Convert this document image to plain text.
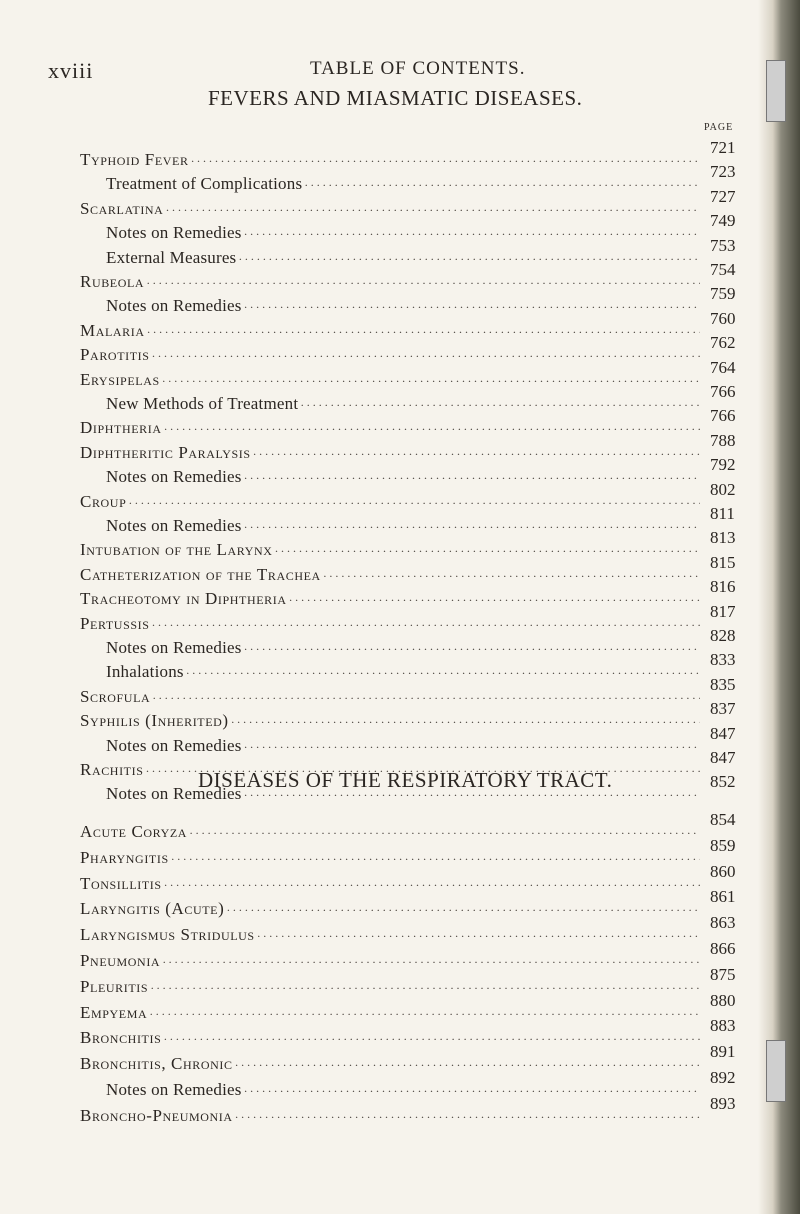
xviii	TABLE OF CONTENTS.
PAGE
FEVERS AND MIASMATIC DISEASES.
Typhoid Fever
·····
721
Treatment of Complications
·····
723
Scarlatina
·····
727
Notes on Remedies
·····
749
External Measures
·····
753
Rubeola
·····
754
Notes on Remedies
·····
759
Malaria
·····
760
Parotitis
·····
762
Erysipelas
·····
764
New Methods of Treatment
·····
766
Diphtheria
·····
766
Diphtheritic Paralysis
·····
788
Notes on Remedies
·····
792
Croup
·····
802
Notes on Remedies
·····
811
Intubation of the Larynx
·····
813
Catheterization of the Trachea
·····
815
Tracheotomy in Diphtheria
·····
816
Pertussis
·····
817
Notes on Remedies
·····
828
Inhalations
·····
833
Scrofula
·····
835
Syphilis (Inherited)
·····
837
Notes on Remedies
·····
847
Rachitis
·····
847
Notes on Remedies
·····
852
DISEASES OF THE RESPIRATORY TRACT.
Acute Coryza
·····
854
Pharyngitis
·····
859
Tonsillitis
·····
860
Laryngitis (Acute)
·····
861
Laryngismus Stridulus
·····
863
Pneumonia
·····
866
Pleuritis
·····
875
Empyema
·····
880
Bronchitis
·····
883
Bronchitis, Chronic
·····
891
Notes on Remedies
·····
892
Broncho-Pneumonia
·····
893
